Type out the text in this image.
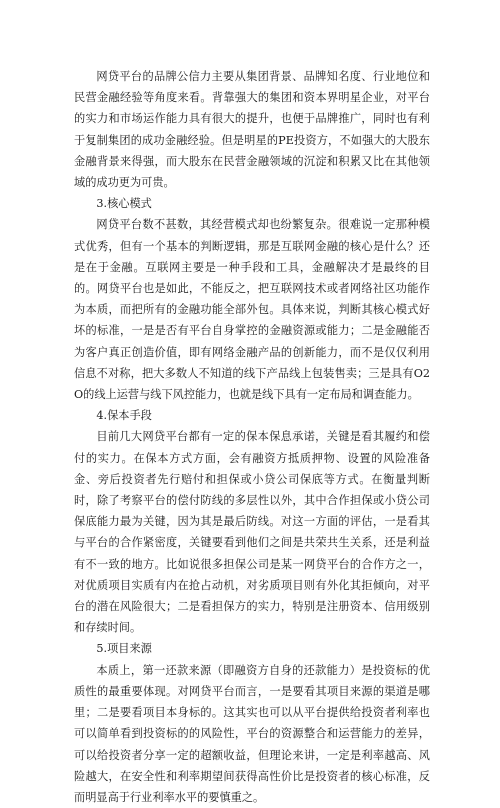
网贷平台的品牌公信力主要从集团背景、品牌知名度、行业地位和民营金融经验等角度来看。背靠强大的集团和资本界明星企业，对平台的实力和市场运作能力具有很大的提升，也便于品牌推广，同时也有利于复制集团的成功金融经验。但是明星的PE投资方，不如强大的大股东金融背景来得强，而大股东在民营金融领域的沉淀和积累又比在其他领域的成功更为可贵。

3.核心模式

网贷平台数不甚数，其经营模式却也纷繁复杂。很难说一定那种模式优秀，但有一个基本的判断逻辑，那是互联网金融的核心是什么？还是在于金融。互联网主要是一种手段和工具，金融解决才是最终的目的。网贷平台也是如此，不能反之，把互联网技术或者网络社区功能作为本质，而把所有的金融功能全部外包。具体来说，判断其核心模式好坏的标准，一是是否有平台自身掌控的金融资源或能力；二是金融能否为客户真正创造价值，即有网络金融产品的创新能力，而不是仅仅利用信息不对称，把大多数人不知道的线下产品线上包装售卖；三是具有O2O的线上运营与线下风控能力，也就是线下具有一定布局和调查能力。

4.保本手段

目前几大网贷平台都有一定的保本保息承诺，关键是看其履约和偿付的实力。在保本方式方面，会有融资方抵质押物、设置的风险准备金、旁后投资者先行赔付和担保或小贷公司保底等方式。在衡量判断时，除了考察平台的偿付防线的多层性以外，其中合作担保或小贷公司保底能力最为关键，因为其是最后防线。对这一方面的评估，一是看其与平台的合作紧密度，关键要看到他们之间是共荣共生关系，还是利益有不一致的地方。比如说很多担保公司是某一网贷平台的合作方之一，对优质项目实质有内在抢占动机，对劣质项目则有外化其拒倾向，对平台的潜在风险很大；二是看担保方的实力，特别是注册资本、信用级别和存续时间。

5.项目来源

本质上，第一还款来源（即融资方自身的还款能力）是投资标的优质性的最重要体现。对网贷平台而言，一是要看其项目来源的渠道是哪里；二是要看项目本身标的。这其实也可以从平台提供给投资者利率也可以简单看到投资标的的风险性，平台的资源整合和运营能力的差异，可以给投资者分享一定的超额收益，但理论来讲，一定是利率越高、风险越大，在安全性和利率期望间获得高性价比是投资者的核心标准，反而明显高于行业利率水平的要慎重之。
